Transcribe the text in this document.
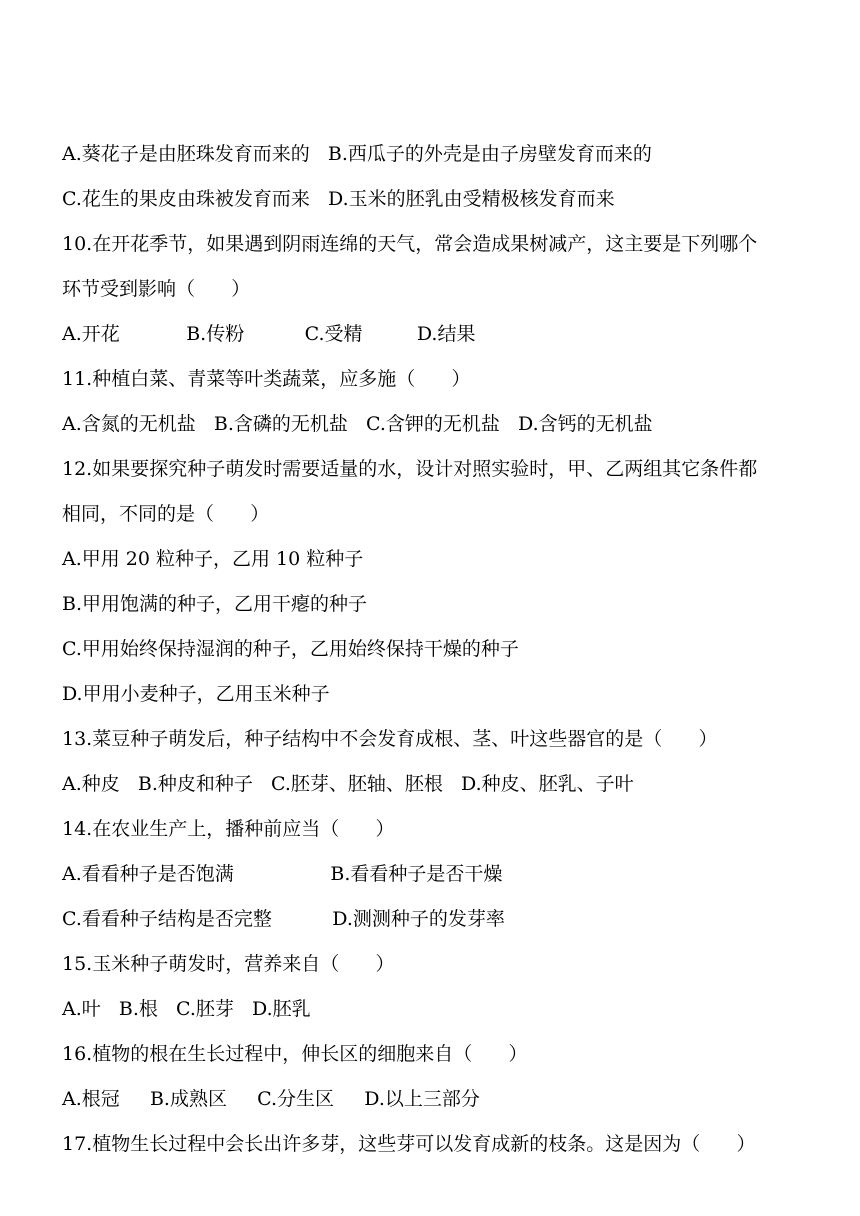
A.葵花子是由胚珠发育而来的   B.西瓜子的外壳是由子房壁发育而来的
C.花生的果皮由珠被发育而来   D.玉米的胚乳由受精极核发育而来
10.在开花季节，如果遇到阴雨连绵的天气，常会造成果树减产，这主要是下列哪个
环节受到影响（      ）
A.开花           B.传粉          C.受精         D.结果
11.种植白菜、青菜等叶类蔬菜，应多施（      ）
A.含氮的无机盐   B.含磷的无机盐   C.含钾的无机盐   D.含钙的无机盐
12.如果要探究种子萌发时需要适量的水，设计对照实验时，甲、乙两组其它条件都
相同，不同的是（      ）
A.甲用 20 粒种子，乙用 10 粒种子
B.甲用饱满的种子，乙用干瘪的种子
C.甲用始终保持湿润的种子，乙用始终保持干燥的种子
D.甲用小麦种子，乙用玉米种子
13.菜豆种子萌发后，种子结构中不会发育成根、茎、叶这些器官的是（      ）
A.种皮   B.种皮和种子   C.胚芽、胚轴、胚根   D.种皮、胚乳、子叶
14.在农业生产上，播种前应当（      ）
A.看看种子是否饱满                B.看看种子是否干燥
C.看看种子结构是否完整          D.测测种子的发芽率
15.玉米种子萌发时，营养来自（      ）
A.叶   B.根   C.胚芽   D.胚乳
16.植物的根在生长过程中，伸长区的细胞来自（      ）
A.根冠     B.成熟区     C.分生区     D.以上三部分
17.植物生长过程中会长出许多芽，这些芽可以发育成新的枝条。这是因为（      ）
